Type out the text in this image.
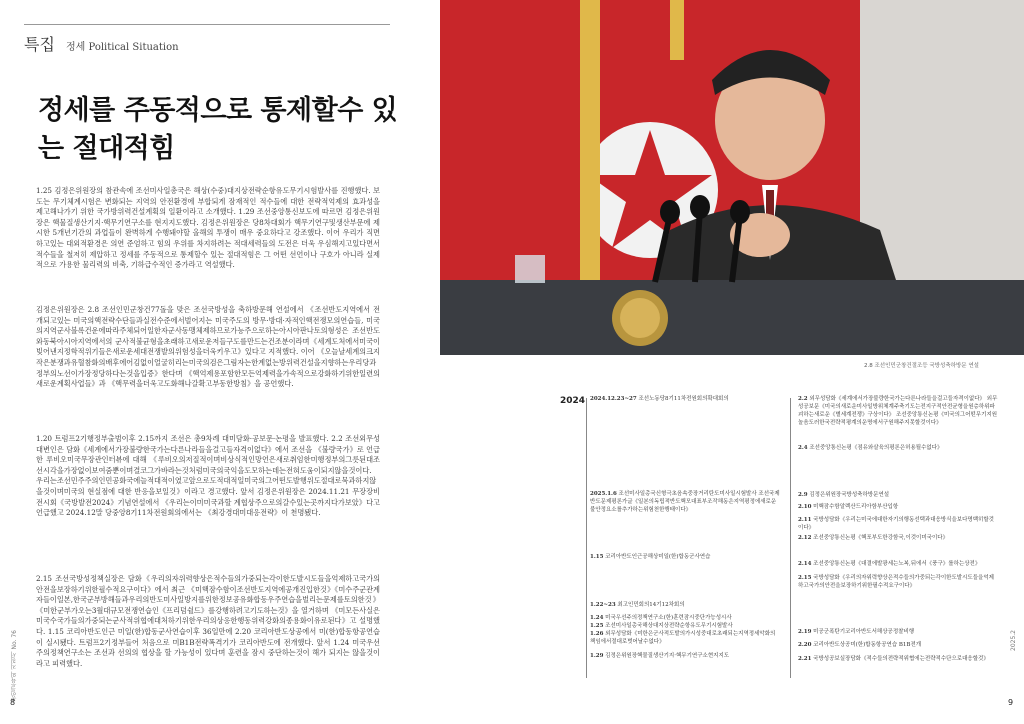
특집 정세 Political Situation
정세를 주동적으로 통제할수 있는 절대적힘
1.25 김정은위원장의 참관속에 조선미사일총국은 해상(수중)대지상전략순항유도무기시험발사를 진행했다. 보도는 무기체계시험은 변화되는 지역의 안전환경에 부합되게 잠재적인 적수들에 대한 전략적억제의 효과성을 제고해나가기 위한 국가방위력건설계획의 일환이라고 소개했다. 1.29 조선중앙통신보도에 따르면 김정은위원장은 핵물질생산기지·핵무기연구소를 현지지도했다. 김정은위원장은 당8차대회가 핵무기연구및생산부문에 제시한 5개년기간의 과업들이 완벽하게 수행돼야할 올해의 투쟁이 매우 중요하다고 강조했다. 이어 우리가 직면하고있는 대외적환경은 의연 준엄하고 힘의 우위를 차지하려는 적대세력들의 도전은 더욱 우심해지고있다면서 적수들을 철저히 제압하고 정세를 주동적으로 통제할수 있는 절대적힘은 그 어떤 선언이나 구호가 아니라 실제적으로 가용한 물리력의 비축, 기하급수적인 증가라고 역설했다.
김정은위원장은 2.8 조선인민군창건77돌을 맞은 조선국방성을 축하방문해 연설에서 《조선반도지역에서 전개되고있는 미국의핵전략수단들과실전수준에서벌어지는 미국주도의 방무·방대·자적인핵전쟁모의연습들, 미국의지역군사블록건운에따라주체되어일한자군사동맹체제하므로가능주으로하는아시아판나토의형성은 조선반도와동북아시아지역에서의 군사적불균형을초래하고새로운저들구도를만드는건조분이라며《세계도처에서미국이빚어낸지정학적위기들은새로운세대전쟁발의위험성을더욱키우고》있다고 지적했다. 이어 《오늘날세계의크지작은분쟁과유혈참화의배후에어김없이얼굴히리는미국의검은그림자는한계없는방위력건설을지향하는우리당과정부의노선이가장정당하다는것을입증》한다며 《핵억제용포함한모든억제력을가속적으로강화하기위한일련의새로운계획사업들》과 《핵무력을더욱고도화해나갈확고부동한방침》을 공언했다.
1.20 트럼프2기행정부출범이후 2.15까지 조선은 총9차례 대미담화·공보문·논평을 발표했다. 2.2 조선외무성대변인은 담화《세계에서가장불량한국가는다른나라들을걸고들자격이없다》에서 조선을 《불량국가》로 언급한 루비오미국무장관인터뷰에 대해 《루비오의저질적이며비상식적인망언은새로취임한미행정부의그릇된대조선시각을가장없이보여줌뿐이며결코그가바라는것처럼미국의국익을도모하는데는전혀도움이되지않을것이다. 우리는조선민주주의인민공화국에늘적대적이였고앞으로도적대적일미국의그어떤도발행위도절대로묵과하지않을것이며미국의 현실점에 대한 반응을보일것》이라고 경고했다. 앞서 김정은위원장은 2024.11.21 무장장비전시회《국방발전2024》기념연설에서 《우리는이미미국과할 계협상주으로의갈수있는곳까지다가보았》다고 언급했고 2024.12말 당중앙8기11차전원회의에서는 《최강경대미대응전략》이 천명됐다.
2.15 조선국방성정책실장은 담화《우리의자위력향상은적수들의가중되는각이한도발시도들을억제하고국가의안전을보장하기위한필수적요구이다》에서 최근 《미핵잠수함이조선반도지역에공개진입한것》《미수주군관계자들이일본,한국군부방해들과우리의반도미사일방지를위한정보공유화합동우주연습을벌리는문제를토의한것》《미한군부가오는3월대규모전쟁연습인《프리덤쉴드》를강행하려고기도하는것》을 열거하며 《미모든사실은미국수국가들의가중되는군사적위협에대처하기위한우리의상응한행동위력강화의종용화이유로된다》고 설명했다. 1.15 코리아반도인근 미일(한)합동군사연습이후 36일만에 2.20 코리아반도상공에서 미(한)합동항공연습이 실시됐다. 트럼프2기정부들어 처음으로 미B1B전략폭격기가 코리아반도에 전개했다. 앞서 1.24 미국우선주의정책연구소는 조선과 선의의 협상을 할 가능성이 있다며 훈련을 잠시 중단하는것이 해가 되지는 않을것이라고 피력했다.
통일교육의 지침서 No. 76
8
2.8 조선인민군창건절조등 국방성축하방문 연설
2024 2024.12.23~27 조선노동당8기11차전원회의확대회의
2025.1.6 조선미사일총국신형극초음속중장거리탄도미사일시험발사 조선국제반도문제평론가글《일본의독립적반도핵모대표부조작해동은지역평정에새로운불안정요소를추가하는위험천한행태이다》
1.15 코리아반도인근공해상미일(한)합동군사연습
1.22~23 최고인민회의14기12차회의
1.24 미국우선주의정책연구소(한)훈련잠시중단가능성시사
1.25 조선미사일총국해상대지상전략순항유도무기시험발사
1.26 외무성담화《미한은군사적도발의가시성중대로초래되는지역정세악화의책임에서절대로벗어날수없다》
1.29 김정은위원장핵물질생산기지·핵무기연구소현지지도
2.2 외무성담화《세계에서가장불량한국가는다른나라들을걸고들자격이없다》 외무성공보문《미국의새로운미사일방위체계주축기도는전지구적안전균형을원층하위파괴하는새로운《별세계전쟁》구상이다》 조선중앙통신논평《미국의그어떤무기지원놀음도러한국전략적평계의운명에서구원해주지못할것이다》
2.4 조선중앙통신논평《점유와살육의평론은허용될수없다》
2.9 김정은위원장국방성축하방문연설
2.10 미핵잠수함알렉산드리아함부산입항
2.11 국방성담화《우리는미국에대한자기의행동선택과대응방식을보다명백히할것이다》
2.12 조선중앙통신논평《핵포부도한강함국,이것이미국이다》
2.14 조선중앙통신논평《대결에발광세는노복,뒤에서《풍구》를하는상전》
2.15 국방성담화《우리의자위력향상은적수들의가중되는각이한도발시도들을억제하고국가의안전을보장하기위한필수적요구이다》
2.19 미공군폭탄기코리아반도서해상공정찰비행
2.20 코리아반도상공미(한)합동항공연습 B1B전개
2.21 국방성공보실장담화《적수들의전략적위협에는전략적수단으로대응할것》
2025.2
9
